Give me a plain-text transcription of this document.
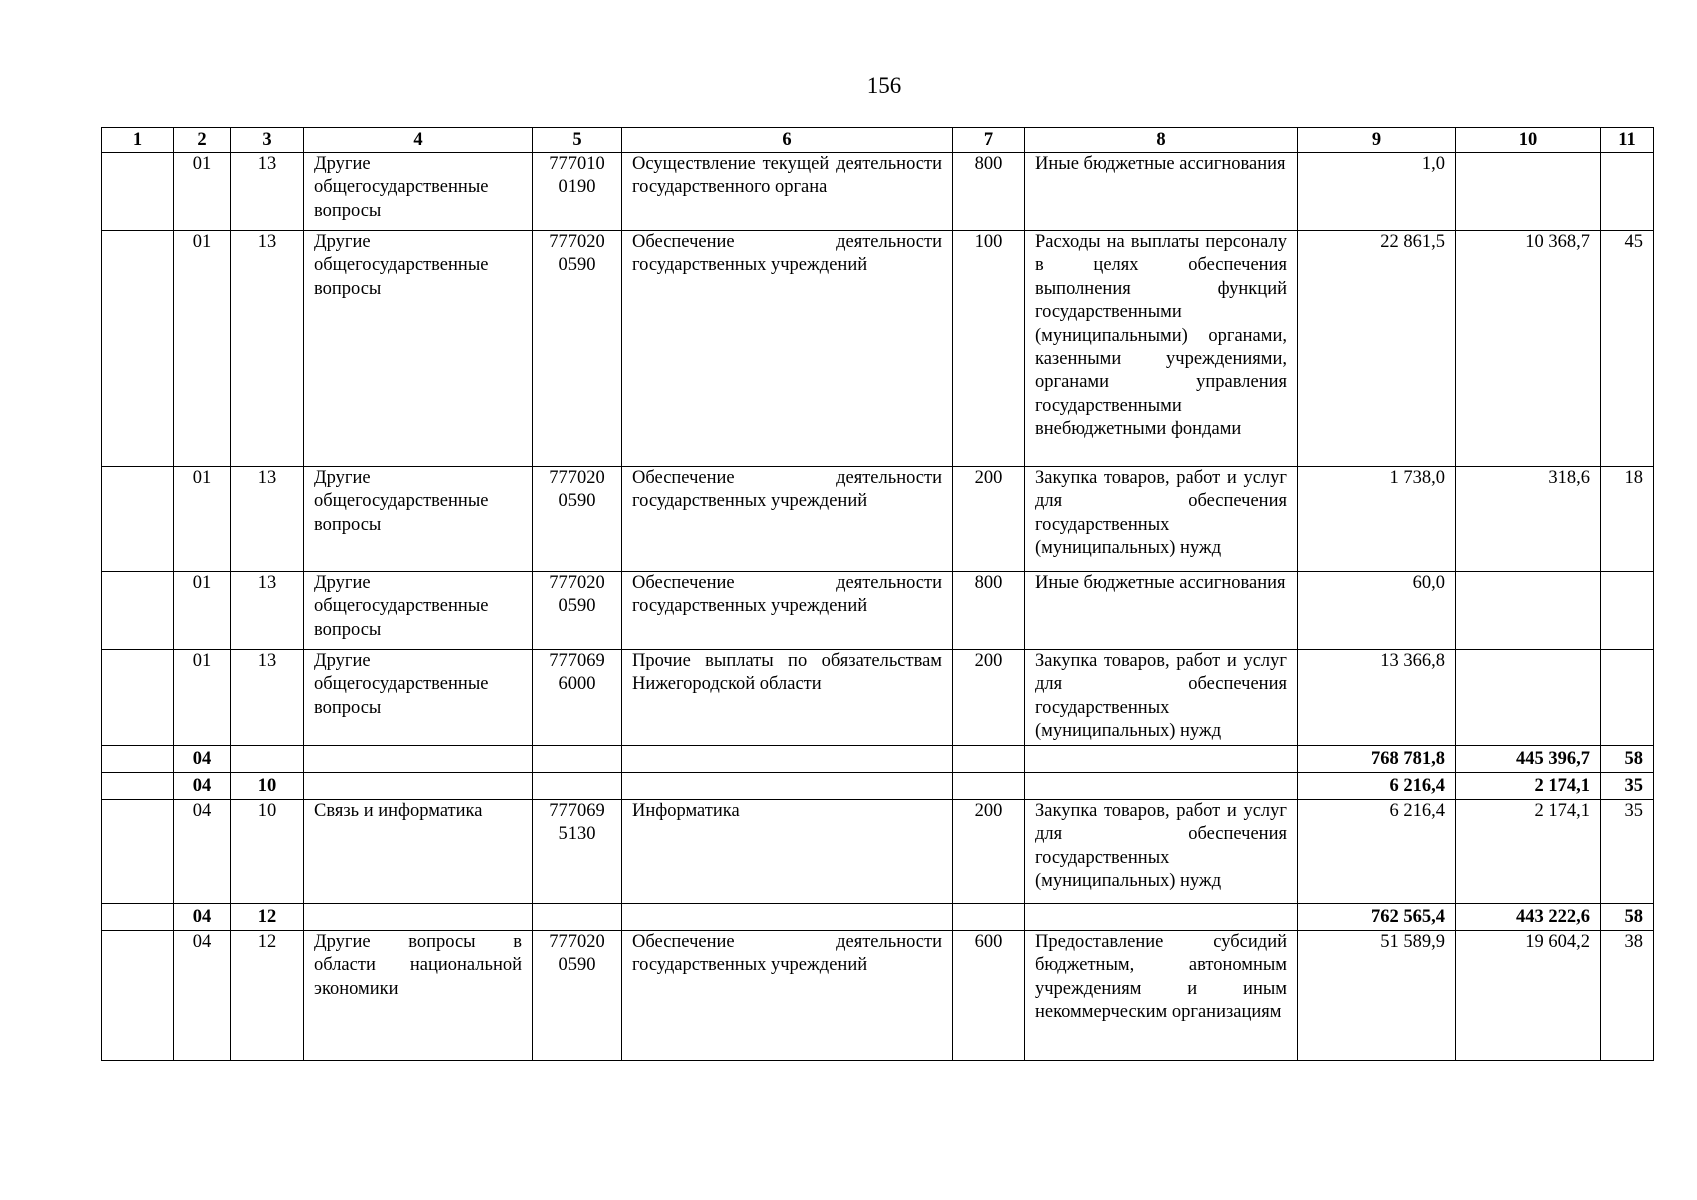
156
1	2	3	4	5	6	7	8	9	10	11
	01	13	Другие общегосударственные вопросы	777010 0190	Осуществление текущей деятельности государственного органа	800	Иные бюджетные ассигнования	1,0		
	01	13	Другие общегосударственные вопросы	777020 0590	Обеспечение деятельности государственных учреждений	100	Расходы на выплаты персоналу в целях обеспечения выполнения функций государственными (муниципальными) органами, казенными учреждениями, органами управления государственными внебюджетными фондами	22 861,5	10 368,7	45
	01	13	Другие общегосударственные вопросы	777020 0590	Обеспечение деятельности государственных учреждений	200	Закупка товаров, работ и услуг для обеспечения государственных (муниципальных) нужд	1 738,0	318,6	18
	01	13	Другие общегосударственные вопросы	777020 0590	Обеспечение деятельности государственных учреждений	800	Иные бюджетные ассигнования	60,0		
	01	13	Другие общегосударственные вопросы	777069 6000	Прочие выплаты по обязательствам Нижегородской области	200	Закупка товаров, работ и услуг для обеспечения государственных (муниципальных) нужд	13 366,8		
	04							768 781,8	445 396,7	58
	04	10						6 216,4	2 174,1	35
	04	10	Связь и информатика	777069 5130	Информатика	200	Закупка товаров, работ и услуг для обеспечения государственных (муниципальных) нужд	6 216,4	2 174,1	35
	04	12						762 565,4	443 222,6	58
	04	12	Другие вопросы в области национальной экономики	777020 0590	Обеспечение деятельности государственных учреждений	600	Предоставление субсидий бюджетным, автономным учреждениям и иным некоммерческим организациям	51 589,9	19 604,2	38
